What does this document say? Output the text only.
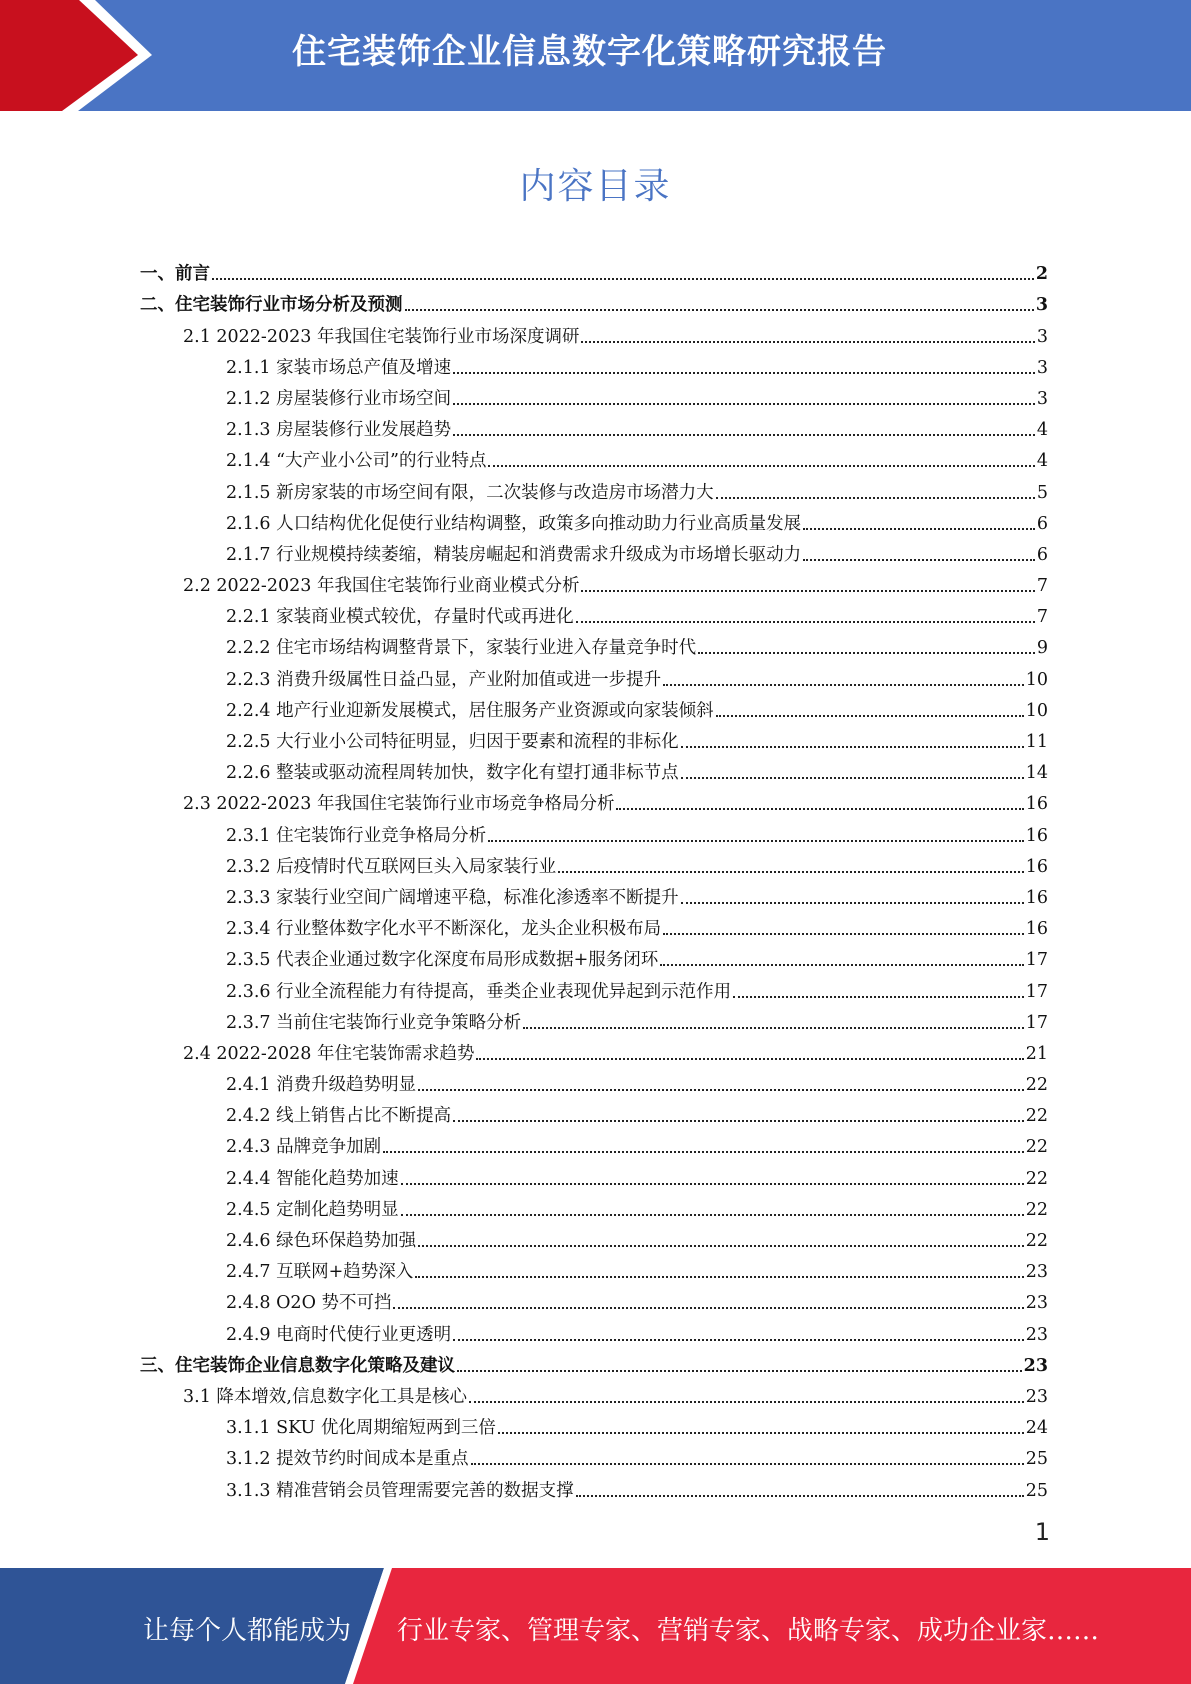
住宅装饰企业信息数字化策略研究报告
内容目录
一、前言	2
二、住宅装饰行业市场分析及预测	3
2.1 2022-2023 年我国住宅装饰行业市场深度调研	3
2.1.1 家装市场总产值及增速	3
2.1.2 房屋装修行业市场空间	3
2.1.3 房屋装修行业发展趋势	4
2.1.4 “大产业小公司”的行业特点	4
2.1.5 新房家装的市场空间有限，二次装修与改造房市场潜力大	5
2.1.6 人口结构优化促使行业结构调整，政策多向推动助力行业高质量发展	6
2.1.7 行业规模持续萎缩，精装房崛起和消费需求升级成为市场增长驱动力	6
2.2 2022-2023 年我国住宅装饰行业商业模式分析	7
2.2.1 家装商业模式较优，存量时代或再进化	7
2.2.2 住宅市场结构调整背景下，家装行业进入存量竞争时代	9
2.2.3 消费升级属性日益凸显，产业附加值或进一步提升	10
2.2.4 地产行业迎新发展模式，居住服务产业资源或向家装倾斜	10
2.2.5 大行业小公司特征明显，归因于要素和流程的非标化	11
2.2.6 整装或驱动流程周转加快，数字化有望打通非标节点	14
2.3 2022-2023 年我国住宅装饰行业市场竞争格局分析	16
2.3.1 住宅装饰行业竞争格局分析	16
2.3.2 后疫情时代互联网巨头入局家装行业	16
2.3.3 家装行业空间广阔增速平稳，标准化渗透率不断提升	16
2.3.4 行业整体数字化水平不断深化，龙头企业积极布局	16
2.3.5 代表企业通过数字化深度布局形成数据+服务闭环	17
2.3.6 行业全流程能力有待提高，垂类企业表现优异起到示范作用	17
2.3.7 当前住宅装饰行业竞争策略分析	17
2.4 2022-2028 年住宅装饰需求趋势	21
2.4.1 消费升级趋势明显	22
2.4.2 线上销售占比不断提高	22
2.4.3 品牌竞争加剧	22
2.4.4 智能化趋势加速	22
2.4.5 定制化趋势明显	22
2.4.6 绿色环保趋势加强	22
2.4.7 互联网+趋势深入	23
2.4.8 O2O 势不可挡	23
2.4.9 电商时代使行业更透明	23
三、住宅装饰企业信息数字化策略及建议	23
3.1 降本增效,信息数字化工具是核心	23
3.1.1 SKU 优化周期缩短两到三倍	24
3.1.2 提效节约时间成本是重点	25
3.1.3 精准营销会员管理需要完善的数据支撑	25
1
让每个人都能成为 行业专家、管理专家、营销专家、战略专家、成功企业家……
